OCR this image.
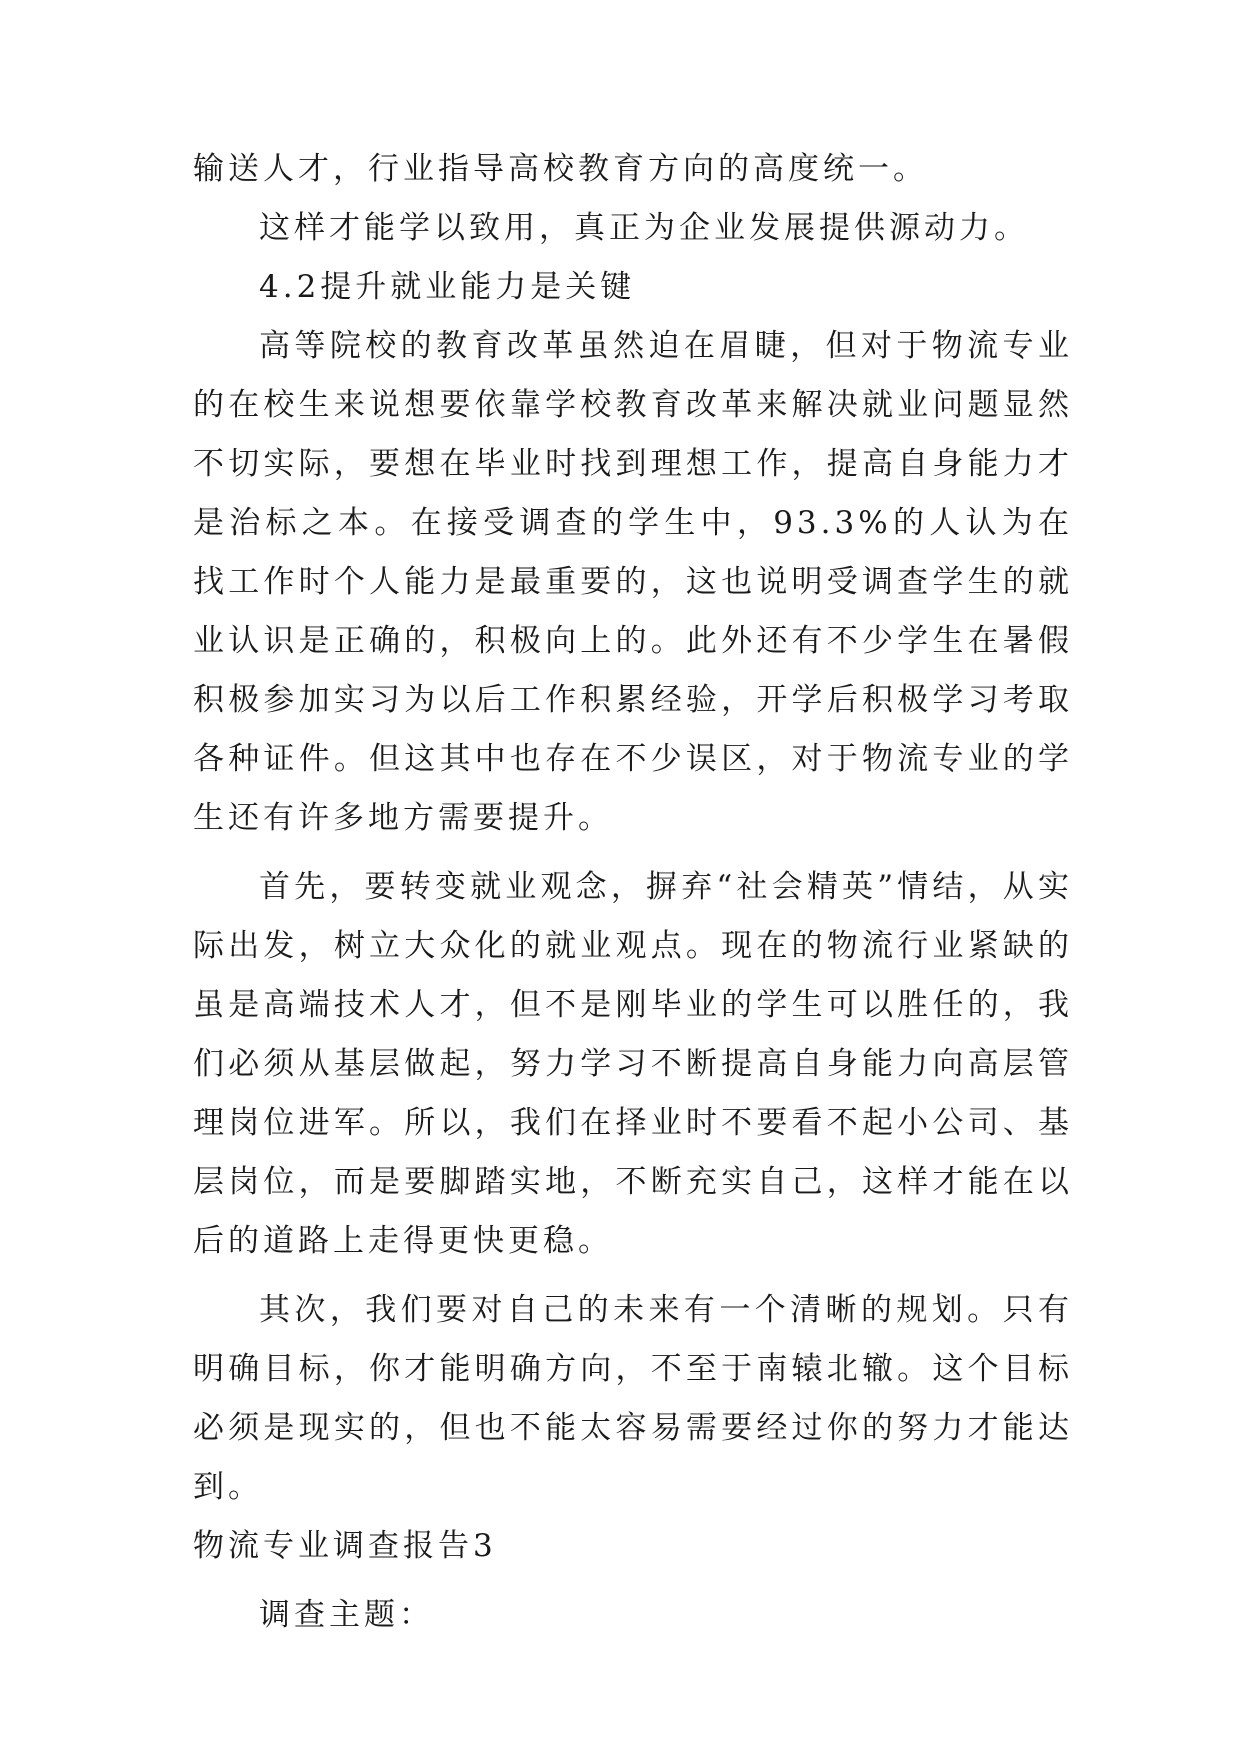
输送人才，行业指导高校教育方向的高度统一。

这样才能学以致用，真正为企业发展提供源动力。

4.2提升就业能力是关键

高等院校的教育改革虽然迫在眉睫，但对于物流专业的在校生来说想要依靠学校教育改革来解决就业问题显然不切实际，要想在毕业时找到理想工作，提高自身能力才是治标之本。在接受调查的学生中，93.3%的人认为在找工作时个人能力是最重要的，这也说明受调查学生的就业认识是正确的，积极向上的。此外还有不少学生在暑假积极参加实习为以后工作积累经验，开学后积极学习考取各种证件。但这其中也存在不少误区，对于物流专业的学生还有许多地方需要提升。

首先，要转变就业观念，摒弃“社会精英”情结，从实际出发，树立大众化的就业观点。现在的物流行业紧缺的虽是高端技术人才，但不是刚毕业的学生可以胜任的，我们必须从基层做起，努力学习不断提高自身能力向高层管理岗位进军。所以，我们在择业时不要看不起小公司、基层岗位，而是要脚踏实地，不断充实自己，这样才能在以后的道路上走得更快更稳。

其次，我们要对自己的未来有一个清晰的规划。只有明确目标，你才能明确方向，不至于南辕北辙。这个目标必须是现实的，但也不能太容易需要经过你的努力才能达到。

物流专业调查报告3

调查主题：
